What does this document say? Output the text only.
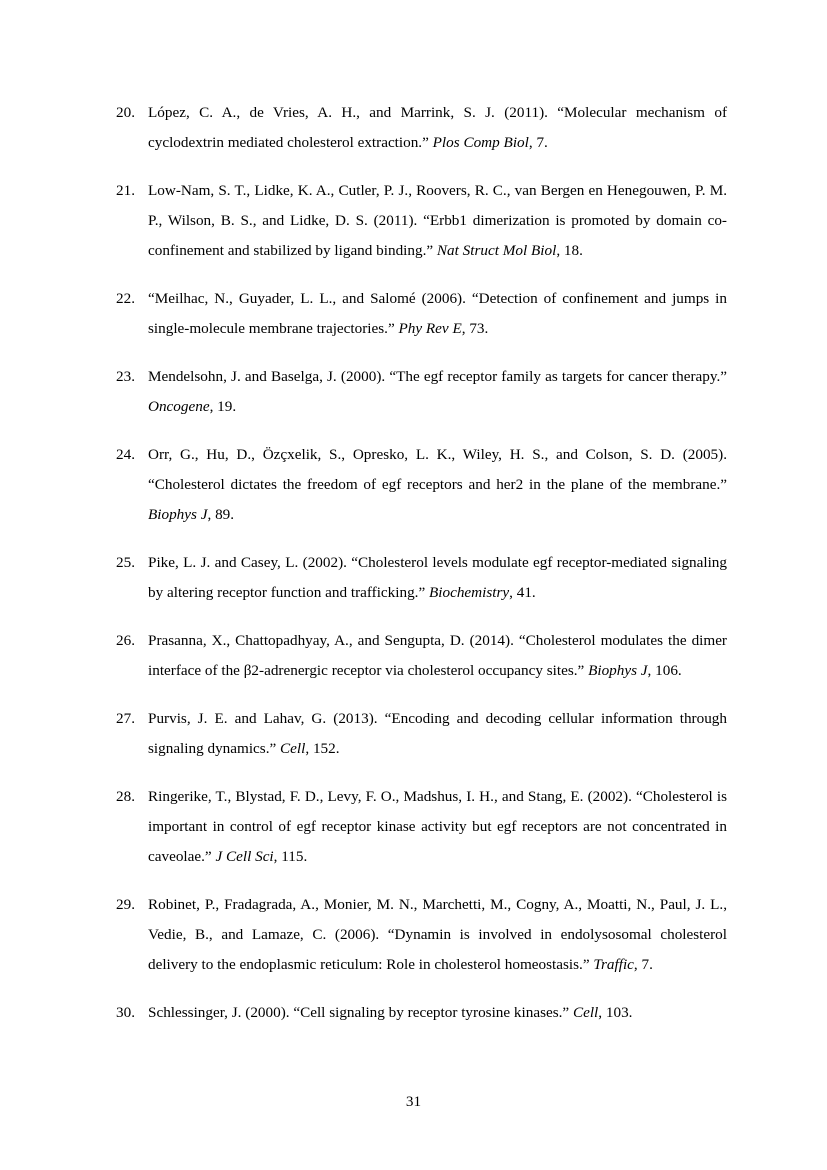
20. López, C. A., de Vries, A. H., and Marrink, S. J. (2011). “Molecular mechanism of cyclodextrin mediated cholesterol extraction.” Plos Comp Biol, 7.
21. Low-Nam, S. T., Lidke, K. A., Cutler, P. J., Roovers, R. C., van Bergen en Henegouwen, P. M. P., Wilson, B. S., and Lidke, D. S. (2011). “Erbb1 dimerization is promoted by domain co-confinement and stabilized by ligand binding.” Nat Struct Mol Biol, 18.
22. “Meilhac, N., Guyader, L. L., and Salomé (2006). “Detection of confinement and jumps in single-molecule membrane trajectories.” Phy Rev E, 73.
23. Mendelsohn, J. and Baselga, J. (2000). “The egf receptor family as targets for cancer therapy.” Oncogene, 19.
24. Orr, G., Hu, D., Özçxelik, S., Opresko, L. K., Wiley, H. S., and Colson, S. D. (2005). “Cholesterol dictates the freedom of egf receptors and her2 in the plane of the membrane.” Biophys J, 89.
25. Pike, L. J. and Casey, L. (2002). “Cholesterol levels modulate egf receptor-mediated signaling by altering receptor function and trafficking.” Biochemistry, 41.
26. Prasanna, X., Chattopadhyay, A., and Sengupta, D. (2014). “Cholesterol modulates the dimer interface of the β2-adrenergic receptor via cholesterol occupancy sites.” Biophys J, 106.
27. Purvis, J. E. and Lahav, G. (2013). “Encoding and decoding cellular information through signaling dynamics.” Cell, 152.
28. Ringerike, T., Blystad, F. D., Levy, F. O., Madshus, I. H., and Stang, E. (2002). “Cholesterol is important in control of egf receptor kinase activity but egf receptors are not concentrated in caveolae.” J Cell Sci, 115.
29. Robinet, P., Fradagrada, A., Monier, M. N., Marchetti, M., Cogny, A., Moatti, N., Paul, J. L., Vedie, B., and Lamaze, C. (2006). “Dynamin is involved in endolysosomal cholesterol delivery to the endoplasmic reticulum: Role in cholesterol homeostasis.” Traffic, 7.
30. Schlessinger, J. (2000). “Cell signaling by receptor tyrosine kinases.” Cell, 103.
31
